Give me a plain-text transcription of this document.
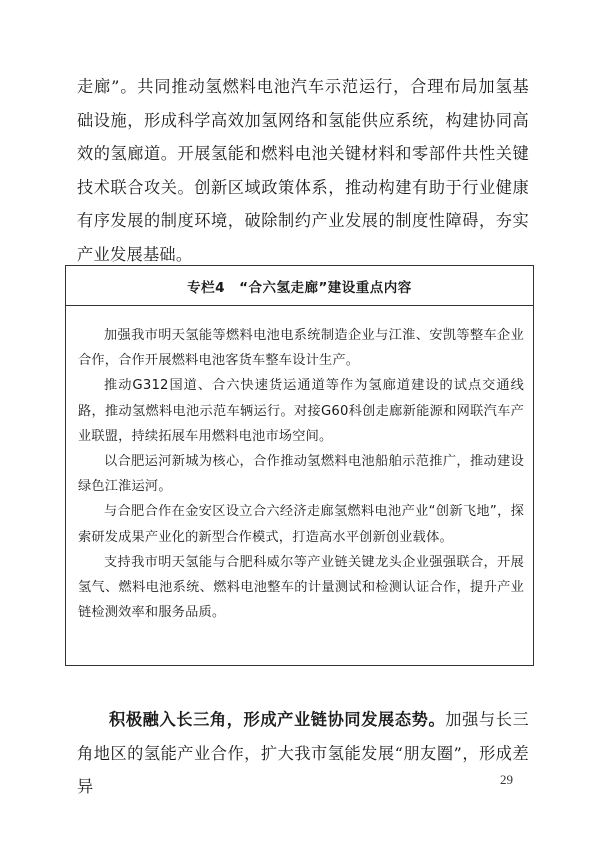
走廊”。共同推动氢燃料电池汽车示范运行，合理布局加氢基础设施，形成科学高效加氢网络和氢能供应系统，构建协同高效的氢廊道。开展氢能和燃料电池关键材料和零部件共性关键技术联合攻关。创新区域政策体系，推动构建有助于行业健康有序发展的制度环境，破除制约产业发展的制度性障碍，夯实产业发展基础。

专栏4　“合六氢走廊”建设重点内容

加强我市明天氢能等燃料电池电系统制造企业与江淮、安凯等整车企业合作，合作开展燃料电池客货车整车设计生产。

推动G312国道、合六快速货运通道等作为氢廊道建设的试点交通线路，推动氢燃料电池示范车辆运行。对接G60科创走廊新能源和网联汽车产业联盟，持续拓展车用燃料电池市场空间。

以合肥运河新城为核心，合作推动氢燃料电池船舶示范推广，推动建设绿色江淮运河。

与合肥合作在金安区设立合六经济走廊氢燃料电池产业“创新飞地”，探索研发成果产业化的新型合作模式，打造高水平创新创业载体。

支持我市明天氢能与合肥科威尔等产业链关键龙头企业强强联合，开展氢气、燃料电池系统、燃料电池整车的计量测试和检测认证合作，提升产业链检测效率和服务品质。

积极融入长三角，形成产业链协同发展态势。加强与长三角地区的氢能产业合作，扩大我市氢能发展“朋友圈”，形成差异	29
